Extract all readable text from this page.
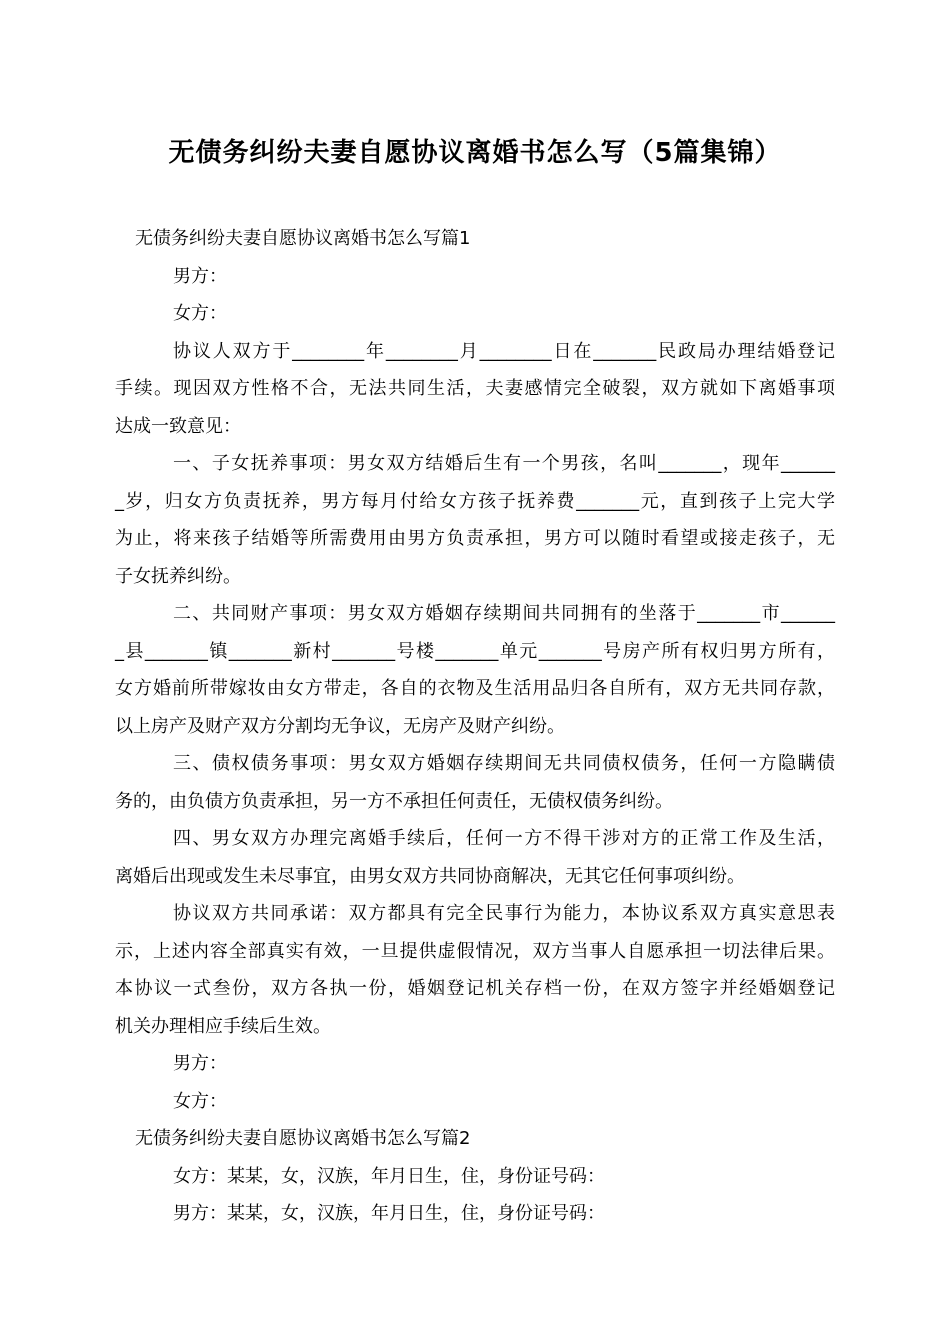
无债务纠纷夫妻自愿协议离婚书怎么写（5篇集锦）
无债务纠纷夫妻自愿协议离婚书怎么写篇1
男方：
女方：
协议人双方于________年________月________日在_______民政局办理结婚登记
手续。现因双方性格不合，无法共同生活，夫妻感情完全破裂，双方就如下离婚事项
达成一致意见：
一、子女抚养事项：男女双方结婚后生有一个男孩，名叫_______，现年______
_岁，归女方负责抚养，男方每月付给女方孩子抚养费_______元，直到孩子上完大学
为止，将来孩子结婚等所需费用由男方负责承担，男方可以随时看望或接走孩子，无
子女抚养纠纷。
二、共同财产事项：男女双方婚姻存续期间共同拥有的坐落于_______市______
_县_______镇_______新村_______号楼_______单元_______号房产所有权归男方所有，
女方婚前所带嫁妆由女方带走，各自的衣物及生活用品归各自所有，双方无共同存款，
以上房产及财产双方分割均无争议，无房产及财产纠纷。
三、债权债务事项：男女双方婚姻存续期间无共同债权债务，任何一方隐瞒债
务的，由负债方负责承担，另一方不承担任何责任，无债权债务纠纷。
四、男女双方办理完离婚手续后，任何一方不得干涉对方的正常工作及生活，
离婚后出现或发生未尽事宜，由男女双方共同协商解决，无其它任何事项纠纷。
协议双方共同承诺：双方都具有完全民事行为能力，本协议系双方真实意思表
示，上述内容全部真实有效，一旦提供虚假情况，双方当事人自愿承担一切法律后果。
本协议一式叁份，双方各执一份，婚姻登记机关存档一份，在双方签字并经婚姻登记
机关办理相应手续后生效。
男方：
女方：
无债务纠纷夫妻自愿协议离婚书怎么写篇2
女方：某某，女，汉族，年月日生，住，身份证号码：
男方：某某，女，汉族，年月日生，住，身份证号码：
